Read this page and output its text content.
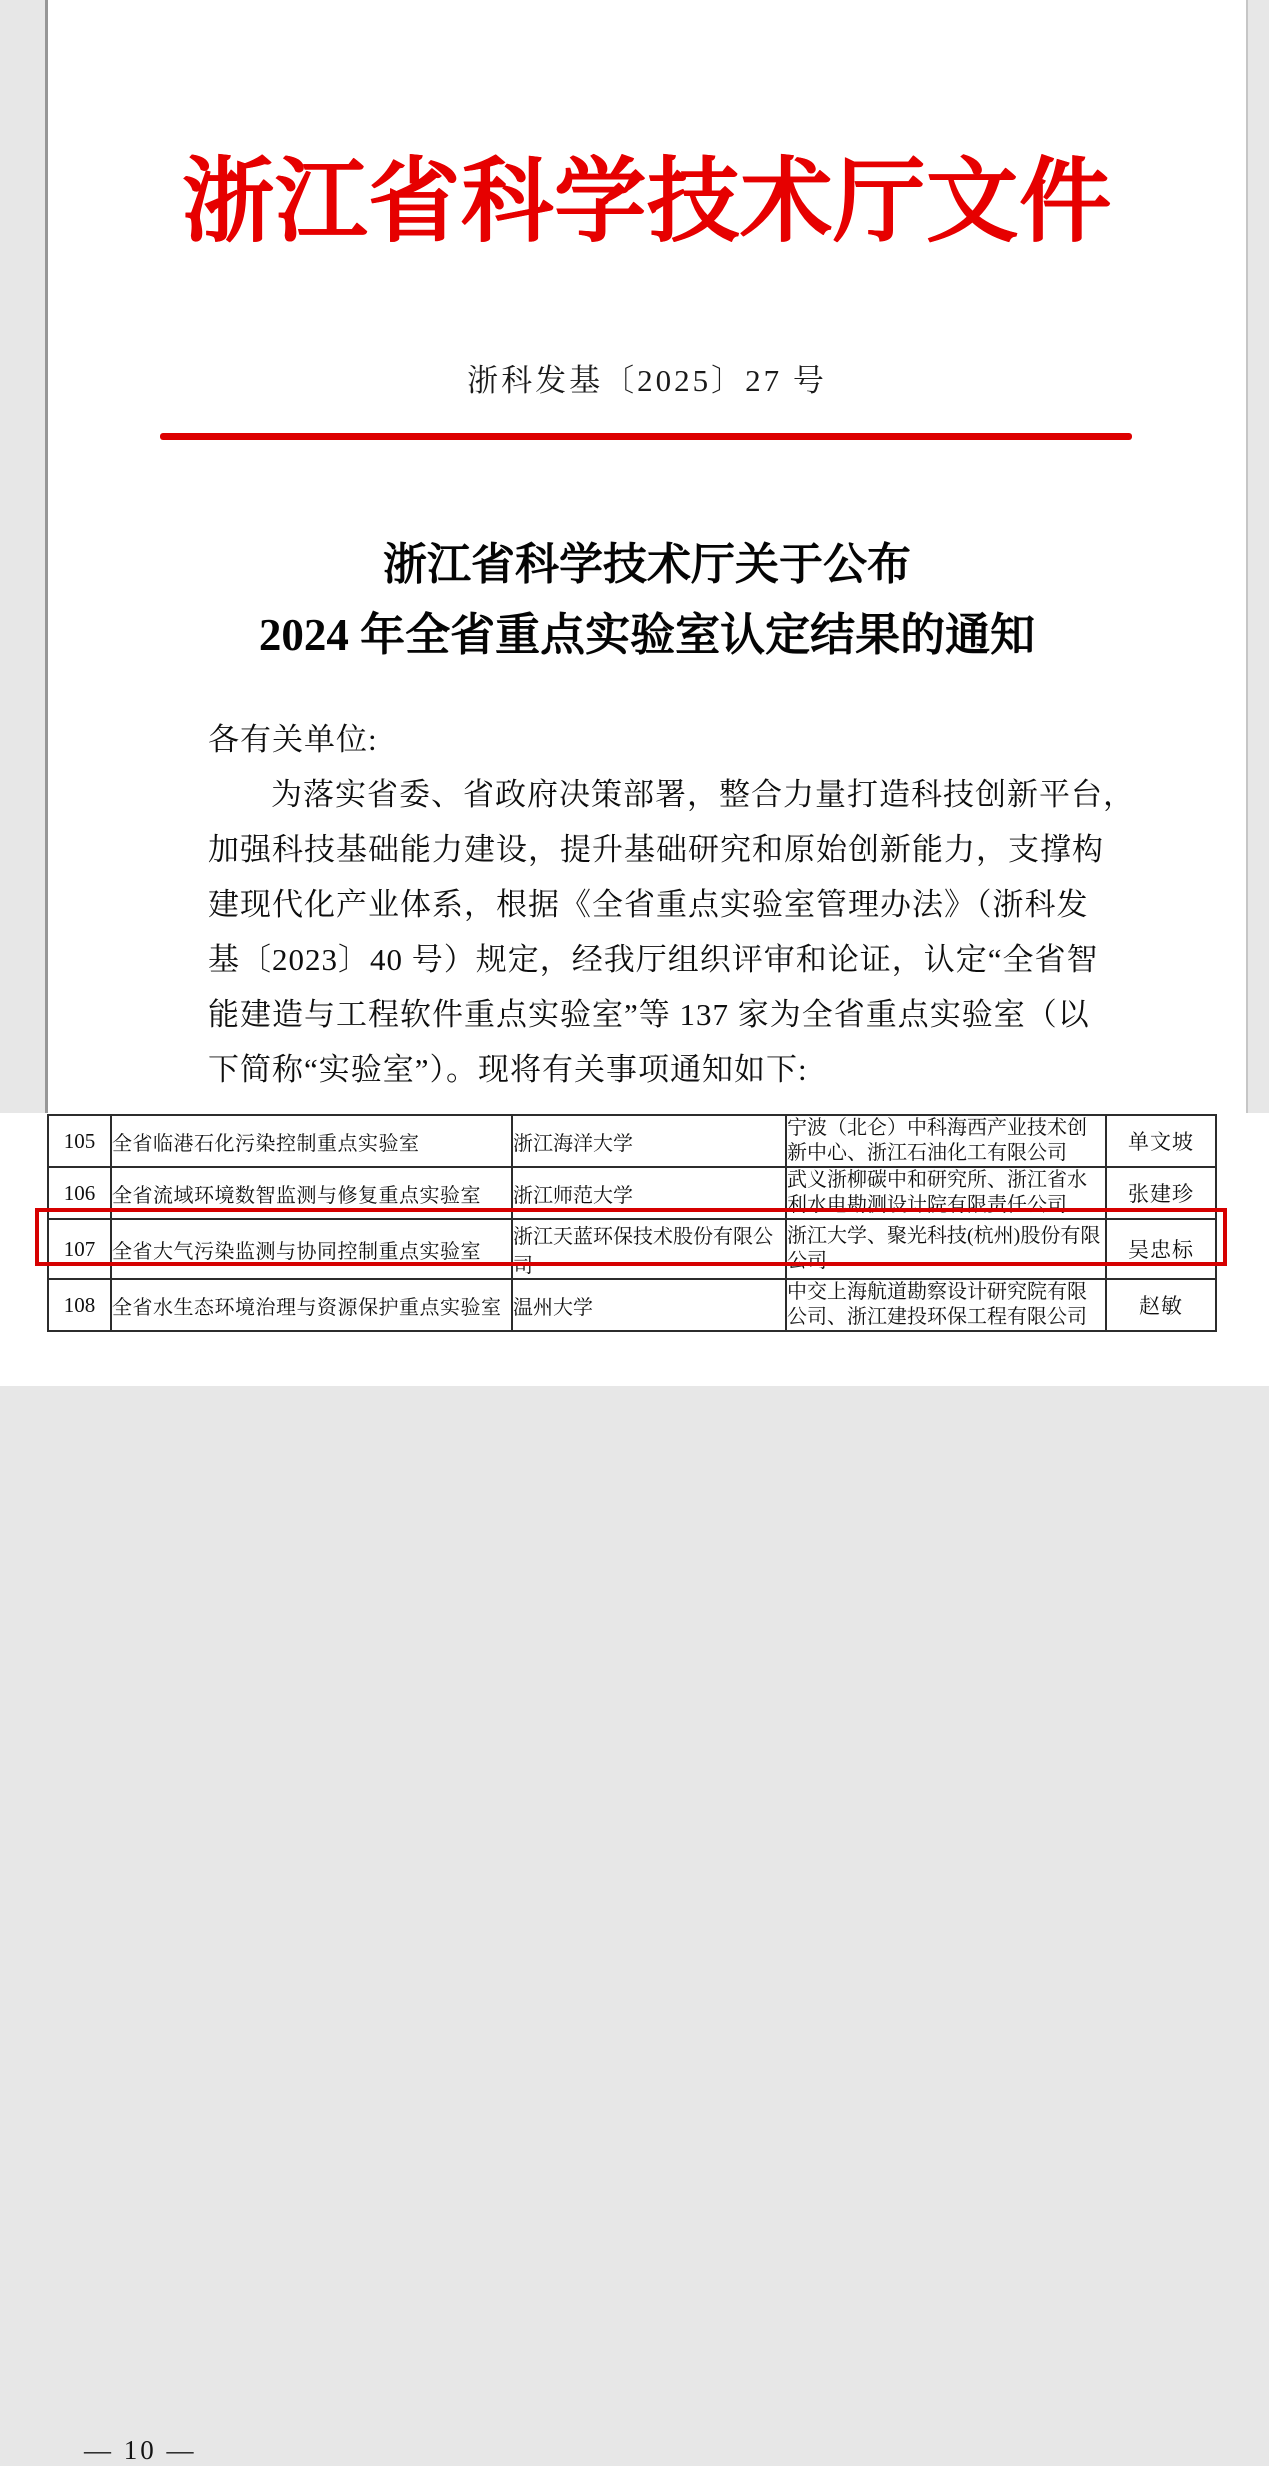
浙江省科学技术厅文件
浙科发基〔2025〕27 号
浙江省科学技术厅关于公布
2024 年全省重点实验室认定结果的通知
各有关单位:
为落实省委、省政府决策部署，整合力量打造科技创新平台，
加强科技基础能力建设，提升基础研究和原始创新能力，支撑构
建现代化产业体系，根据《全省重点实验室管理办法》（浙科发
基〔2023〕40 号）规定，经我厅组织评审和论证，认定“全省智
能建造与工程软件重点实验室”等 137 家为全省重点实验室（以
下简称“实验室”）。现将有关事项通知如下:
— 10 —
105	全省临港石化污染控制重点实验室	浙江海洋大学	宁波（北仑）中科海西产业技术创新中心、浙江石油化工有限公司	单文坡
106	全省流域环境数智监测与修复重点实验室	浙江师范大学	武义浙柳碳中和研究所、浙江省水利水电勘测设计院有限责任公司	张建珍
107	全省大气污染监测与协同控制重点实验室	浙江天蓝环保技术股份有限公司	浙江大学、聚光科技(杭州)股份有限公司	吴忠标
108	全省水生态环境治理与资源保护重点实验室	温州大学	中交上海航道勘察设计研究院有限公司、浙江建投环保工程有限公司	赵敏
